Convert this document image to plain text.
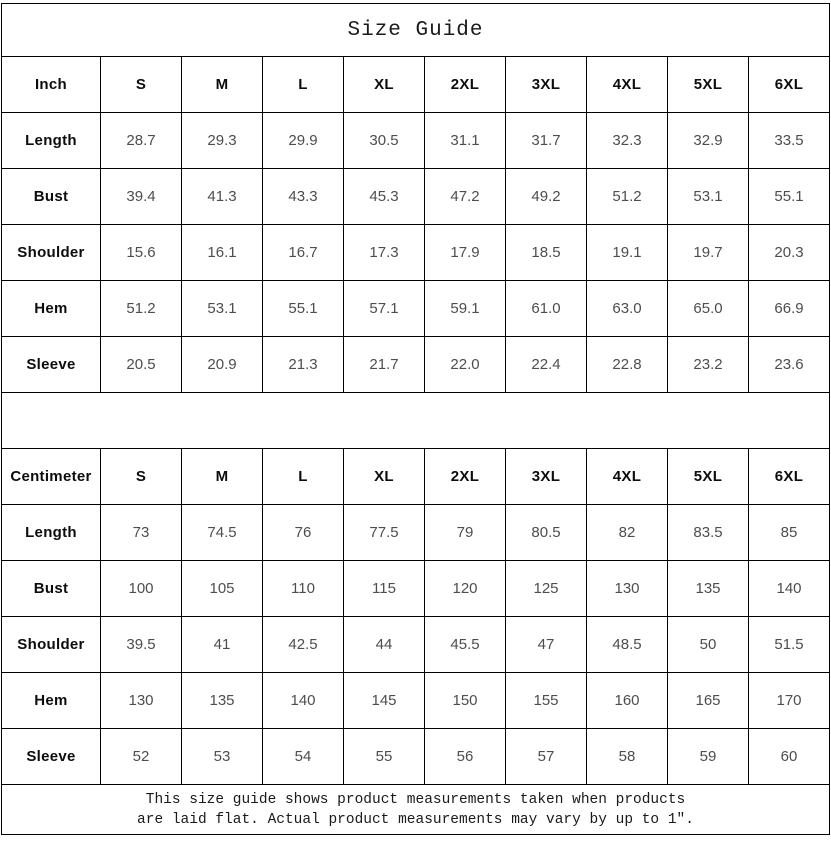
Size Guide									
Inch	S	M	L	XL	2XL	3XL	4XL	5XL	6XL
Length	28.7	29.3	29.9	30.5	31.1	31.7	32.3	32.9	33.5
Bust	39.4	41.3	43.3	45.3	47.2	49.2	51.2	53.1	55.1
Shoulder	15.6	16.1	16.7	17.3	17.9	18.5	19.1	19.7	20.3
Hem	51.2	53.1	55.1	57.1	59.1	61.0	63.0	65.0	66.9
Sleeve	20.5	20.9	21.3	21.7	22.0	22.4	22.8	23.2	23.6

Centimeter	S	M	L	XL	2XL	3XL	4XL	5XL	6XL
Length	73	74.5	76	77.5	79	80.5	82	83.5	85
Bust	100	105	110	115	120	125	130	135	140
Shoulder	39.5	41	42.5	44	45.5	47	48.5	50	51.5
Hem	130	135	140	145	150	155	160	165	170
Sleeve	52	53	54	55	56	57	58	59	60

This size guide shows product measurements taken when products
are laid flat. Actual product measurements may vary by up to 1″.									
